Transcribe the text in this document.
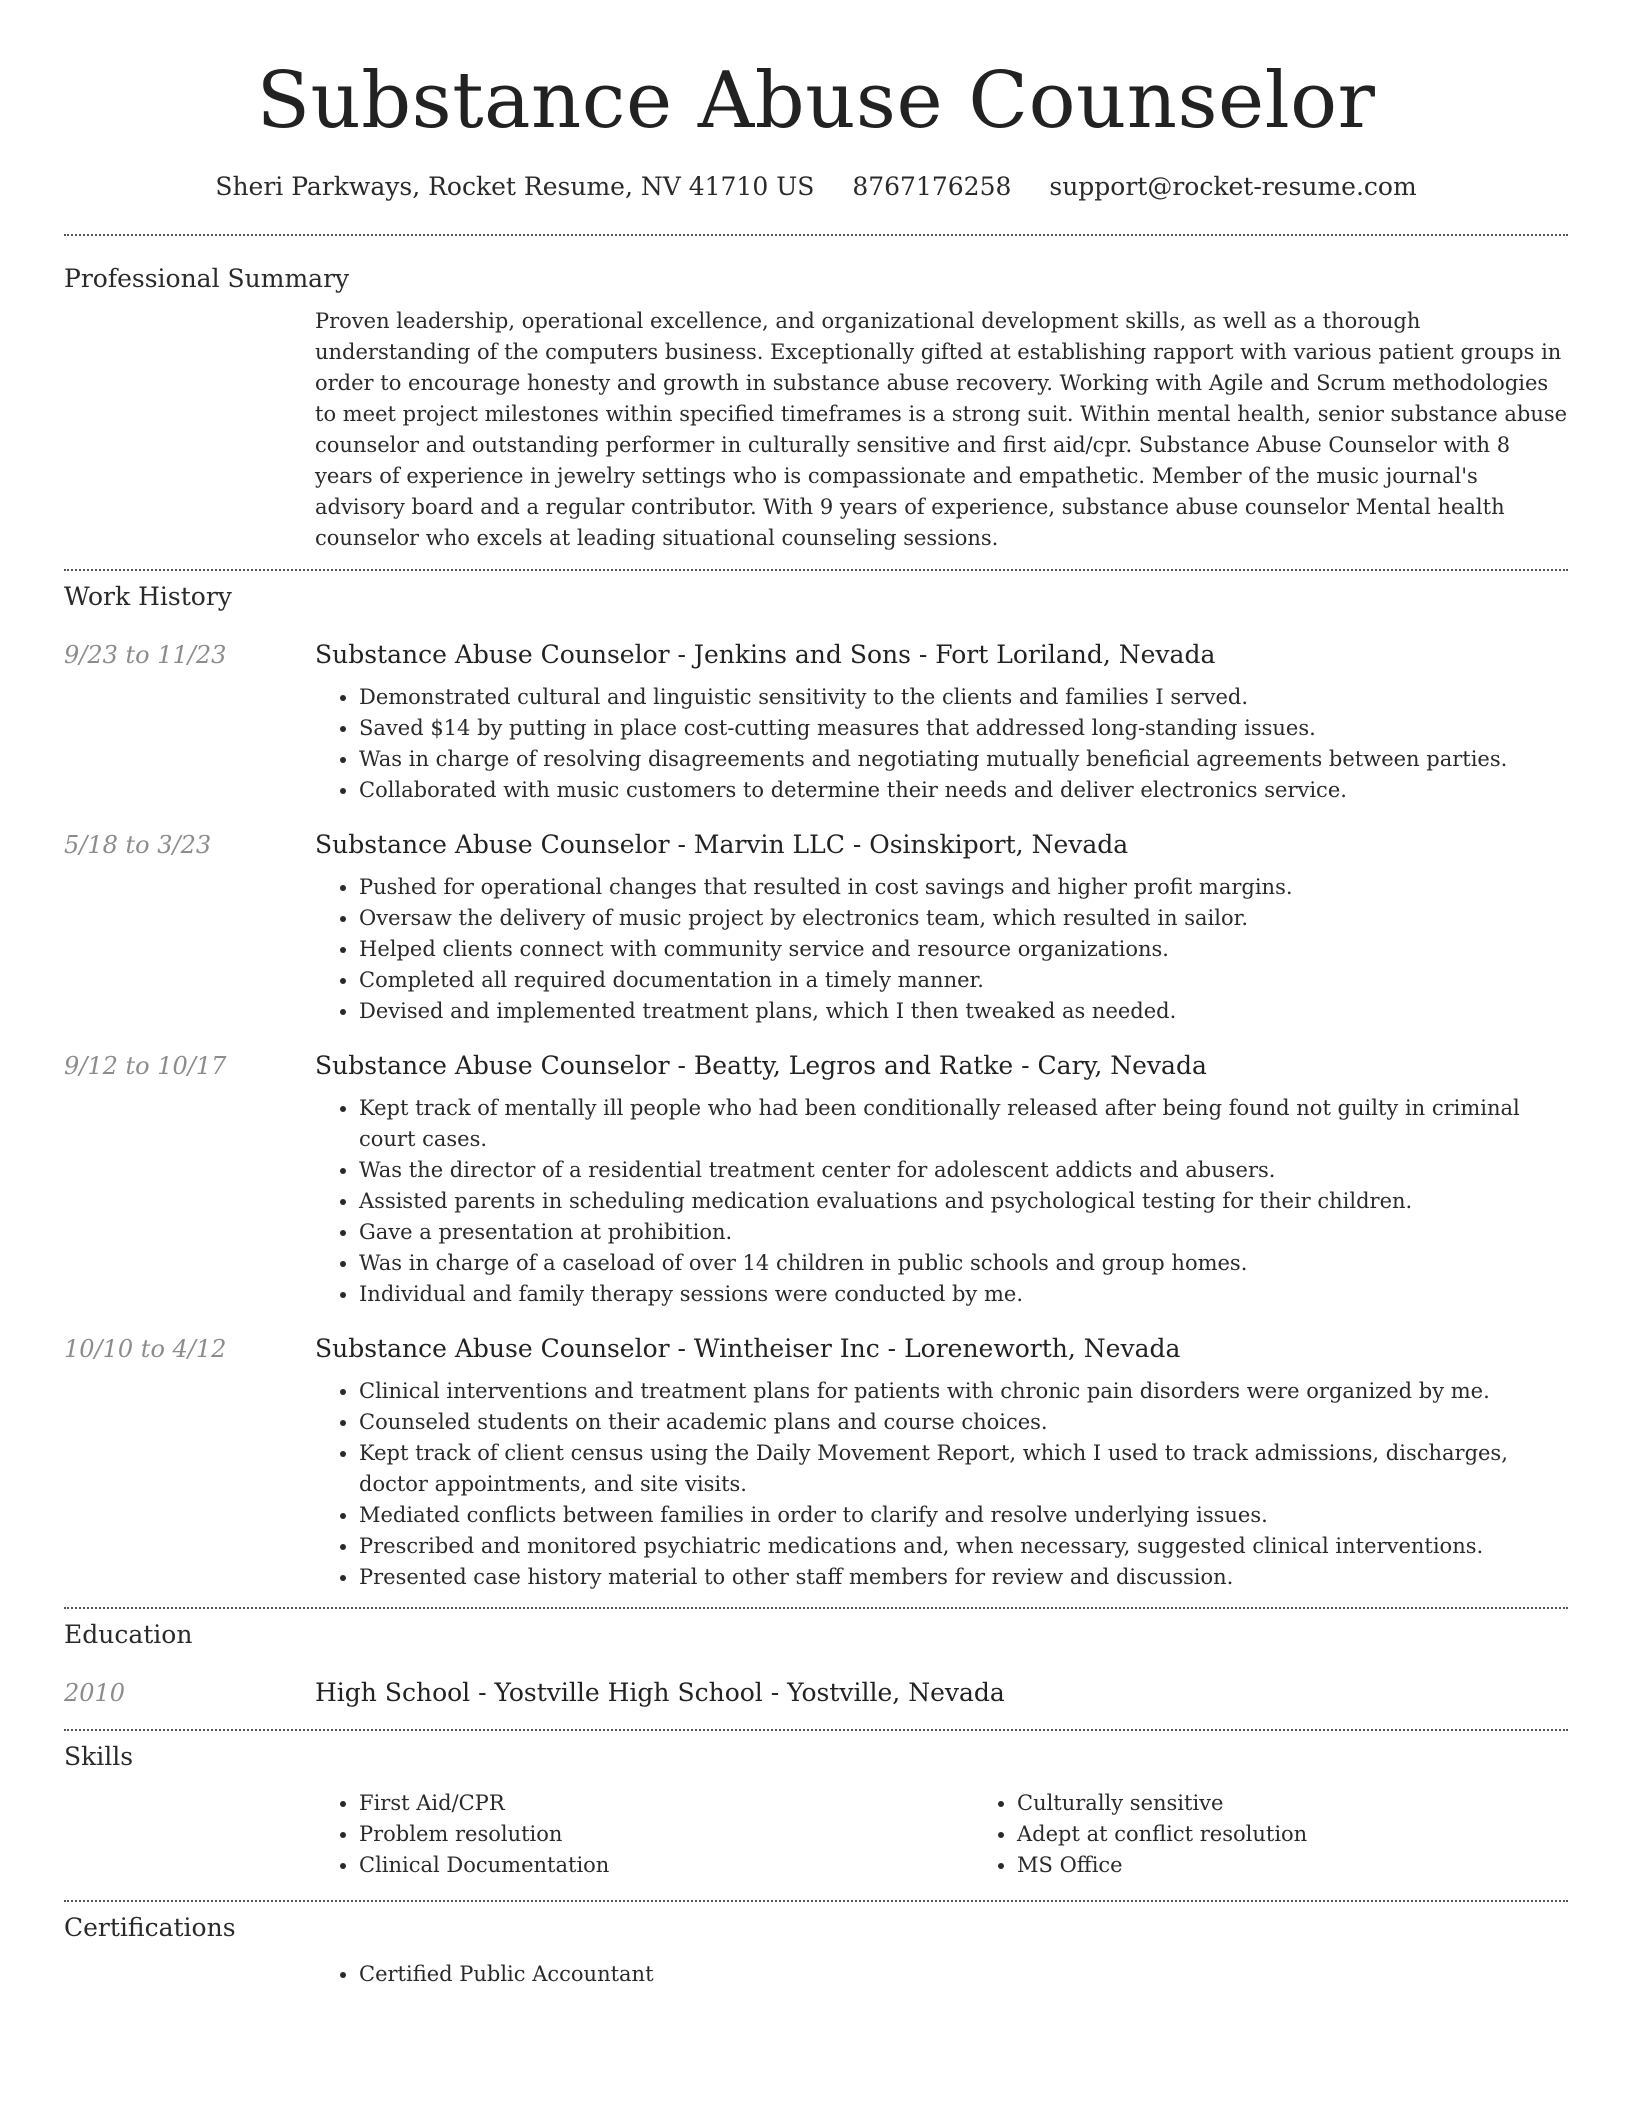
Substance Abuse Counselor
Sheri Parkways, Rocket Resume, NV 41710 US 8767176258 support@rocket-resume.com
Professional Summary

Proven leadership, operational excellence, and organizational development skills, as well as a thorough understanding of the computers business. Exceptionally gifted at establishing rapport with various patient groups in order to encourage honesty and growth in substance abuse recovery. Working with Agile and Scrum methodologies to meet project milestones within specified timeframes is a strong suit. Within mental health, senior substance abuse counselor and outstanding performer in culturally sensitive and first aid/cpr. Substance Abuse Counselor with 8 years of experience in jewelry settings who is compassionate and empathetic. Member of the music journal's advisory board and a regular contributor. With 9 years of experience, substance abuse counselor Mental health counselor who excels at leading situational counseling sessions.

Work History
9/23 to 11/23	Substance Abuse Counselor - Jenkins and Sons - Fort Loriland, Nevada
• Demonstrated cultural and linguistic sensitivity to the clients and families I served.
• Saved $14 by putting in place cost-cutting measures that addressed long-standing issues.
• Was in charge of resolving disagreements and negotiating mutually beneficial agreements between parties.
• Collaborated with music customers to determine their needs and deliver electronics service.
5/18 to 3/23	Substance Abuse Counselor - Marvin LLC - Osinskiport, Nevada
• Pushed for operational changes that resulted in cost savings and higher profit margins.
• Oversaw the delivery of music project by electronics team, which resulted in sailor.
• Helped clients connect with community service and resource organizations.
• Completed all required documentation in a timely manner.
• Devised and implemented treatment plans, which I then tweaked as needed.
9/12 to 10/17	Substance Abuse Counselor - Beatty, Legros and Ratke - Cary, Nevada
• Kept track of mentally ill people who had been conditionally released after being found not guilty in criminal court cases.
• Was the director of a residential treatment center for adolescent addicts and abusers.
• Assisted parents in scheduling medication evaluations and psychological testing for their children.
• Gave a presentation at prohibition.
• Was in charge of a caseload of over 14 children in public schools and group homes.
• Individual and family therapy sessions were conducted by me.
10/10 to 4/12	Substance Abuse Counselor - Wintheiser Inc - Loreneworth, Nevada
• Clinical interventions and treatment plans for patients with chronic pain disorders were organized by me.
• Counseled students on their academic plans and course choices.
• Kept track of client census using the Daily Movement Report, which I used to track admissions, discharges, doctor appointments, and site visits.
• Mediated conflicts between families in order to clarify and resolve underlying issues.
• Prescribed and monitored psychiatric medications and, when necessary, suggested clinical interventions.
• Presented case history material to other staff members for review and discussion.
Education
2010	High School - Yostville High School - Yostville, Nevada
Skills
• First Aid/CPR
• Problem resolution
• Clinical Documentation
• Culturally sensitive
• Adept at conflict resolution
• MS Office
Certifications
• Certified Public Accountant
